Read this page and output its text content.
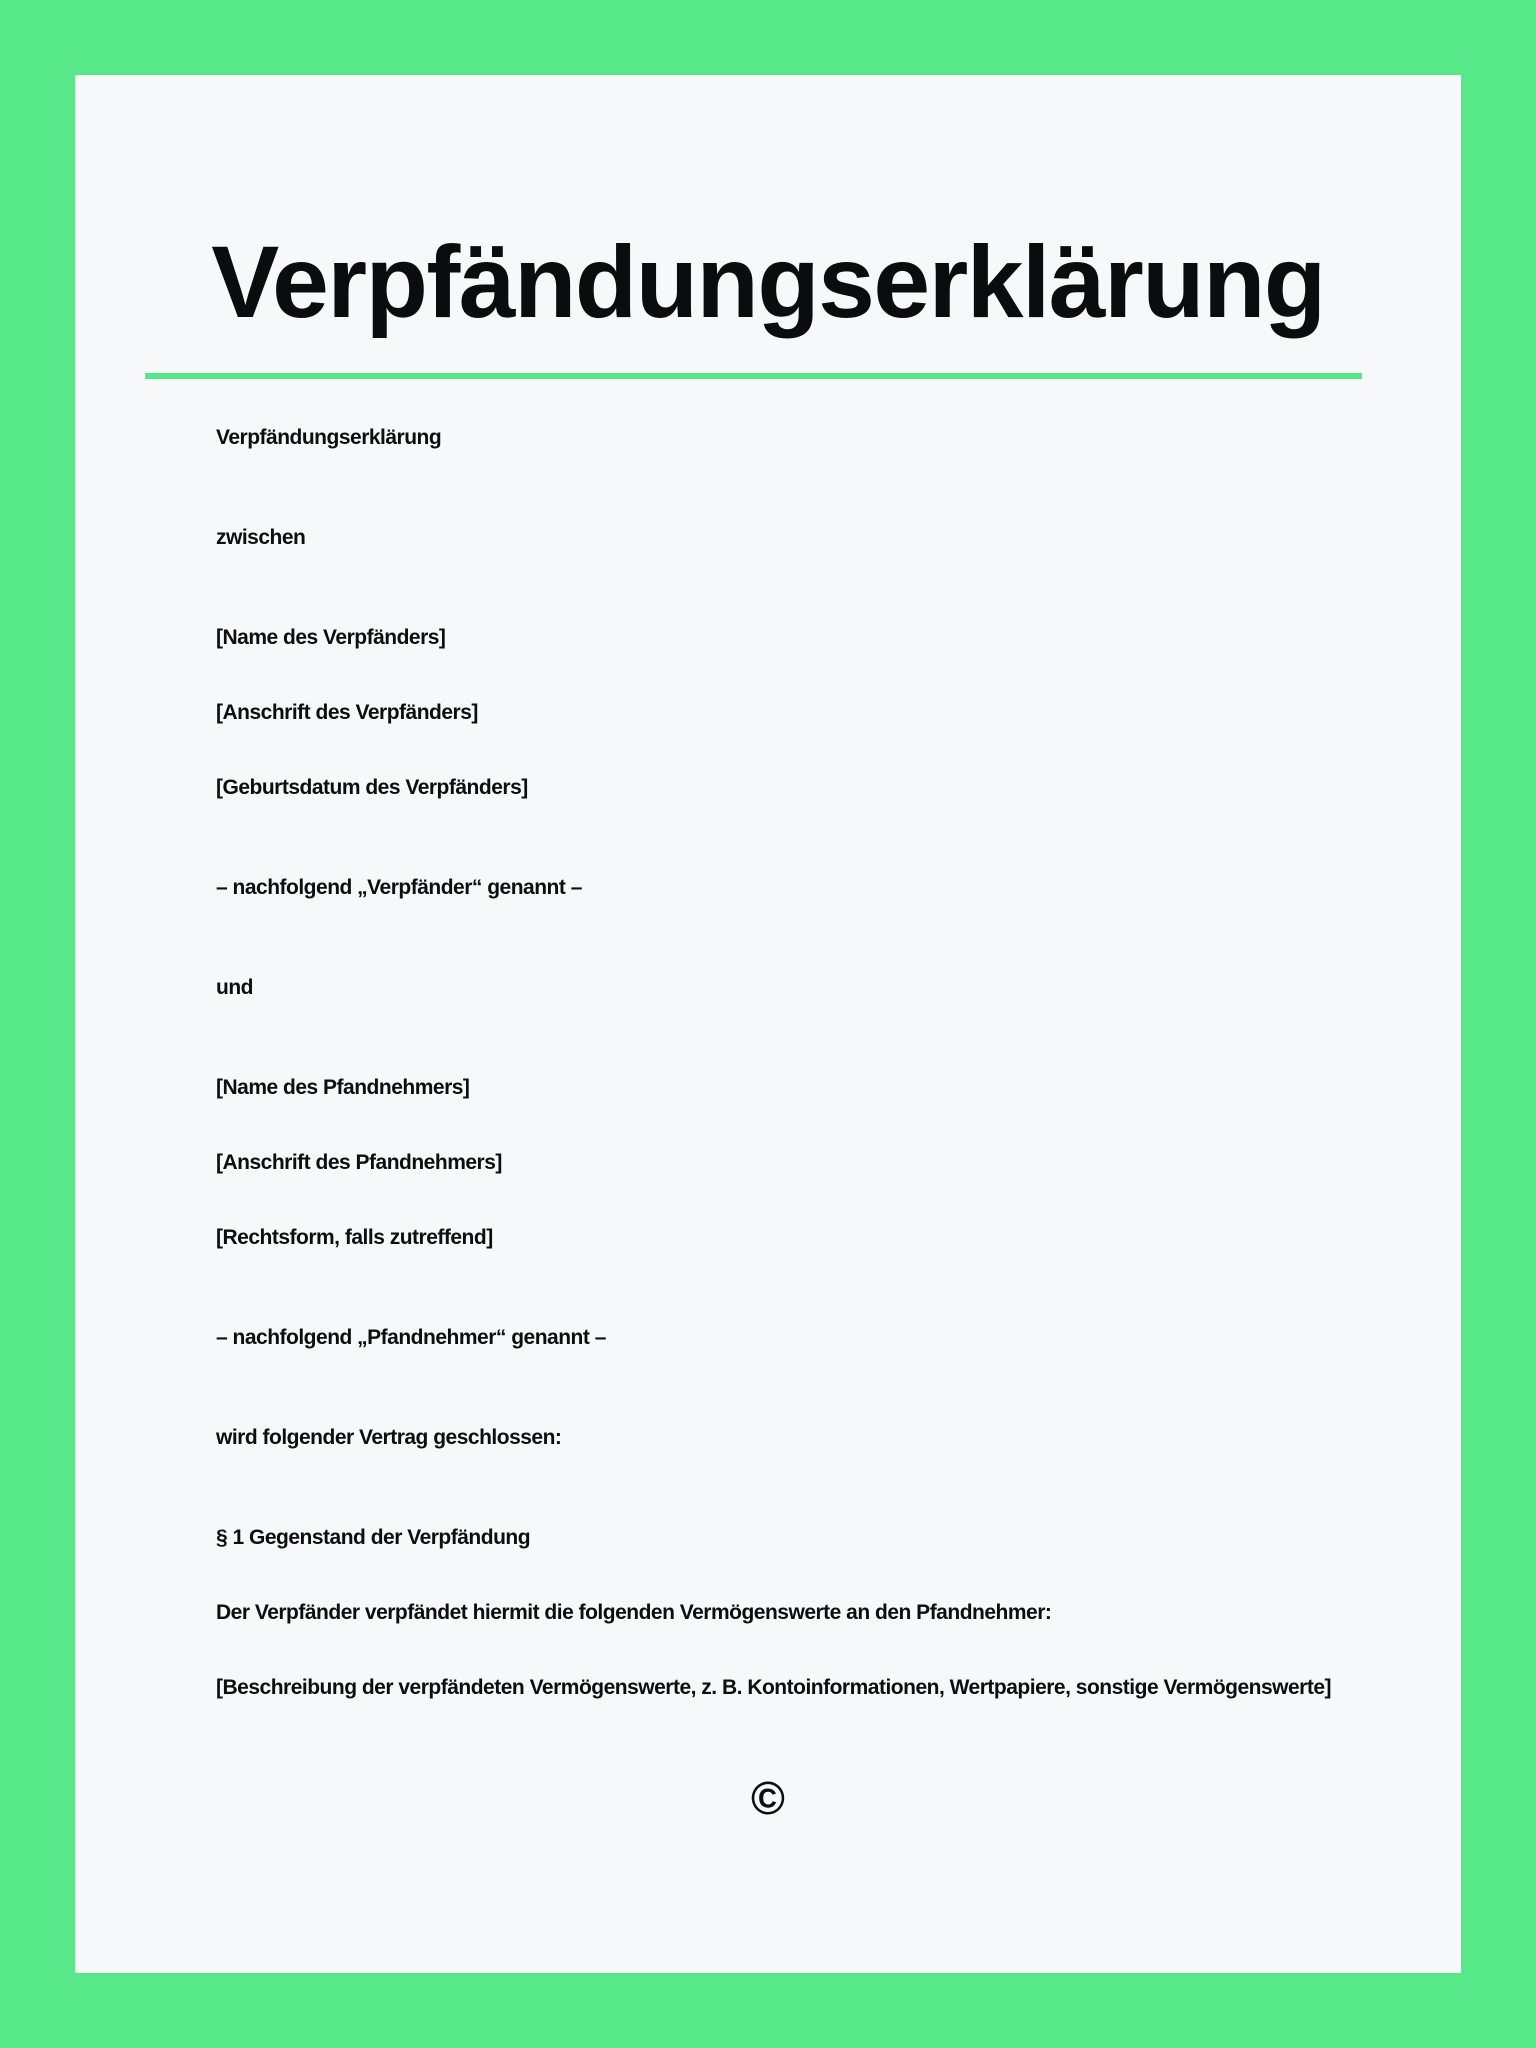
Verpfändungserklärung

Verpfändungserklärung

zwischen

[Name des Verpfänders]

[Anschrift des Verpfänders]

[Geburtsdatum des Verpfänders]

– nachfolgend „Verpfänder“ genannt –

und

[Name des Pfandnehmers]

[Anschrift des Pfandnehmers]

[Rechtsform, falls zutreffend]

– nachfolgend „Pfandnehmer“ genannt –

wird folgender Vertrag geschlossen:

§ 1 Gegenstand der Verpfändung

Der Verpfänder verpfändet hiermit die folgenden Vermögenswerte an den Pfandnehmer:

[Beschreibung der verpfändeten Vermögenswerte, z. B. Kontoinformationen, Wertpapiere, sonstige Vermögenswerte]

©
